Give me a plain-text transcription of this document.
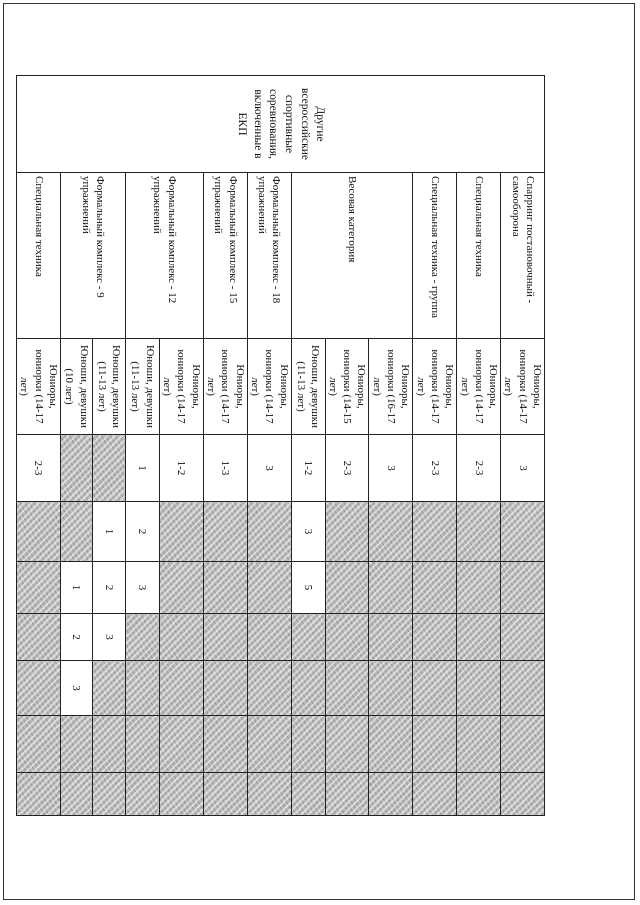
Другие всероссийские спортивные соревнования, включенные в ЕКП	Спарринг постановочный - самооборона	Юниоры, юниорки (14-17 лет)	3						
	Специальная техника	Юниоры, юниорки (14-17 лет)	2-3						
	Специальная техника - группа	Юниоры, юниорки (14-17 лет)	2-3						
	Весовая категория	Юниоры, юниорки (16-17 лет)	3						
		Юниоры, юниорки (14-15 лет)	2-3						
		Юноши, девушки (11-13 лет)	1-2	3	5				
	Формальный комплекс - 18 упражнений	Юниоры, юниорки (14-17 лет)	3						
	Формальный комплекс - 15 упражнений	Юниоры, юниорки (14-17 лет)	1-3						
	Формальный комплекс - 12 упражнений	Юниоры, юниорки (14-17 лет)	1-2						
		Юноши, девушки (11-13 лет)	1	2	3				
	Формальный комплекс - 9 упражнений	Юноши, девушки (11-13 лет)		1	2	3			
		Юноши, девушки (10 лет)			1	2	3		
	Специальная техника	Юниоры, юниорки (14-17 лет)	2-3						
